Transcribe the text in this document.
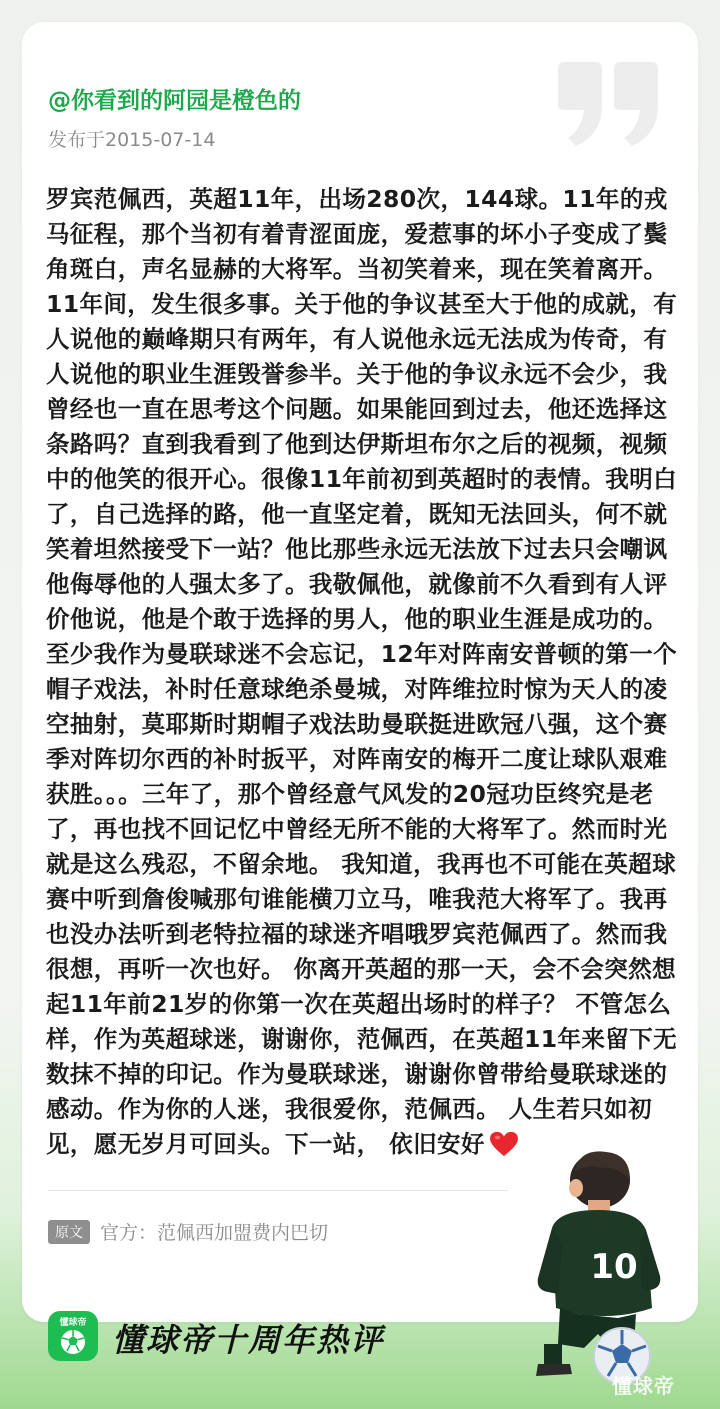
@你看到的阿园是橙色的
发布于2015-07-14
罗宾范佩西，英超11年，出场280次，144球。11年的戎马征程，那个当初有着青涩面庞，爱惹事的坏小子变成了鬓角斑白，声名显赫的大将军。当初笑着来，现在笑着离开。11年间，发生很多事。关于他的争议甚至大于他的成就，有人说他的巅峰期只有两年，有人说他永远无法成为传奇，有人说他的职业生涯毁誉参半。关于他的争议永远不会少，我曾经也一直在思考这个问题。如果能回到过去，他还选择这条路吗？直到我看到了他到达伊斯坦布尔之后的视频，视频中的他笑的很开心。很像11年前初到英超时的表情。我明白了，自己选择的路，他一直坚定着，既知无法回头，何不就笑着坦然接受下一站？他比那些永远无法放下过去只会嘲讽他侮辱他的人强太多了。我敬佩他，就像前不久看到有人评价他说，他是个敢于选择的男人，他的职业生涯是成功的。 至少我作为曼联球迷不会忘记，12年对阵南安普顿的第一个帽子戏法，补时任意球绝杀曼城，对阵维拉时惊为天人的凌空抽射，莫耶斯时期帽子戏法助曼联挺进欧冠八强，这个赛季对阵切尔西的补时扳平，对阵南安的梅开二度让球队艰难获胜。。。三年了，那个曾经意气风发的20冠功臣终究是老了，再也找不回记忆中曾经无所不能的大将军了。然而时光就是这么残忍，不留余地。 我知道，我再也不可能在英超球赛中听到詹俊喊那句谁能横刀立马，唯我范大将军了。我再也没办法听到老特拉福的球迷齐唱哦罗宾范佩西了。然而我很想，再听一次也好。 你离开英超的那一天，会不会突然想起11年前21岁的你第一次在英超出场时的样子？ 不管怎么样，作为英超球迷，谢谢你，范佩西，在英超11年来留下无数抹不掉的印记。作为曼联球迷，谢谢你曾带给曼联球迷的感动。作为你的人迷，我很爱你，范佩西。 人生若只如初见，愿无岁月可回头。下一站， 依旧安好
原文 官方：范佩西加盟费内巴切
懂球帝 懂球帝十周年热评
10
懂球帝
